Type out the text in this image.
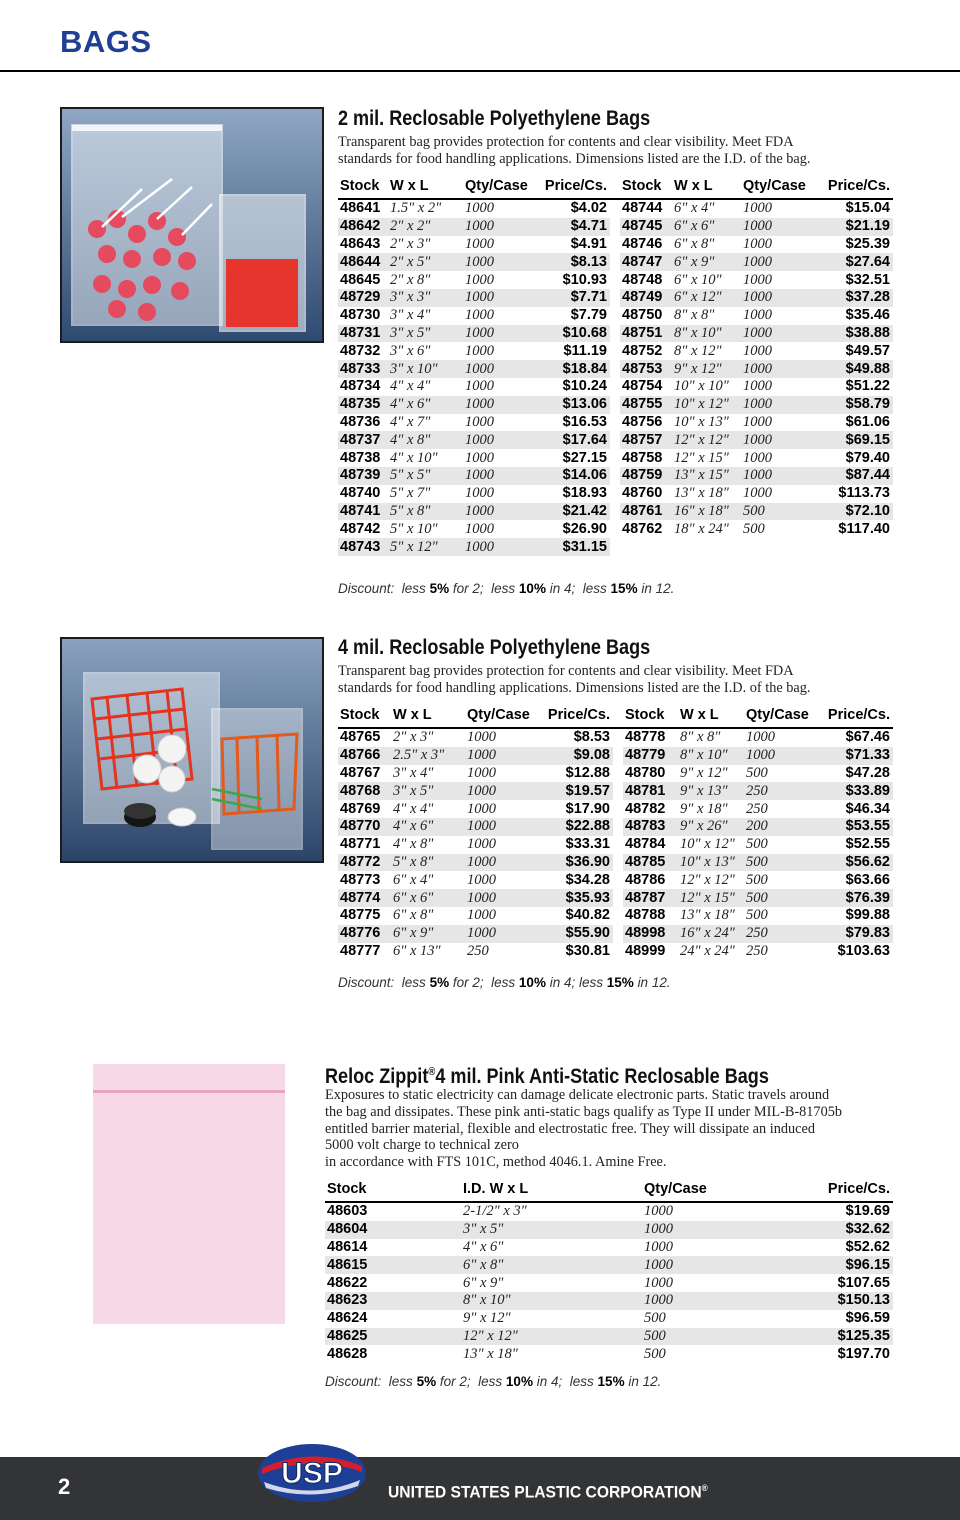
BAGS
2 mil. Reclosable Polyethylene Bags

Transparent bag provides protection for contents and clear visibility. Meet FDA
standards for food handling applications. Dimensions listed are the I.D. of the bag.

Stock	W x L	Qty/Case	Price/Cs.		Stock	W x L	Qty/Case	Price/Cs.
48641	1.5" x 2"	1000	$4.02		48744	6" x 4"	1000	$15.04
48642	2" x 2"	1000	$4.71		48745	6" x 6"	1000	$21.19
48643	2" x 3"	1000	$4.91		48746	6" x 8"	1000	$25.39
48644	2" x 5"	1000	$8.13		48747	6" x 9"	1000	$27.64
48645	2" x 8"	1000	$10.93		48748	6" x 10"	1000	$32.51
48729	3" x 3"	1000	$7.71		48749	6" x 12"	1000	$37.28
48730	3" x 4"	1000	$7.79		48750	8" x 8"	1000	$35.46
48731	3" x 5"	1000	$10.68		48751	8" x 10"	1000	$38.88
48732	3" x 6"	1000	$11.19		48752	8" x 12"	1000	$49.57
48733	3" x 10"	1000	$18.84		48753	9" x 12"	1000	$49.88
48734	4" x 4"	1000	$10.24		48754	10" x 10"	1000	$51.22
48735	4" x 6"	1000	$13.06		48755	10" x 12"	1000	$58.79
48736	4" x 7"	1000	$16.53		48756	10" x 13"	1000	$61.06
48737	4" x 8"	1000	$17.64		48757	12" x 12"	1000	$69.15
48738	4" x 10"	1000	$27.15		48758	12" x 15"	1000	$79.40
48739	5" x 5"	1000	$14.06		48759	13" x 15"	1000	$87.44
48740	5" x 7"	1000	$18.93		48760	13" x 18"	1000	$113.73
48741	5" x 8"	1000	$21.42		48761	16" x 18"	500	$72.10
48742	5" x 10"	1000	$26.90		48762	18" x 24"	500	$117.40
48743	5" x 12"	1000	$31.15					

Discount: less 5% for 2; less 10% in 4; less 15% in 12.

4 mil. Reclosable Polyethylene Bags

Transparent bag provides protection for contents and clear visibility. Meet FDA
standards for food handling applications. Dimensions listed are the I.D. of the bag.

Stock	W x L	Qty/Case	Price/Cs.		Stock	W x L	Qty/Case	Price/Cs.
48765	2" x 3"	1000	$8.53		48778	8" x 8"	1000	$67.46
48766	2.5" x 3"	1000	$9.08		48779	8" x 10"	1000	$71.33
48767	3" x 4"	1000	$12.88		48780	9" x 12"	500	$47.28
48768	3" x 5"	1000	$19.57		48781	9" x 13"	250	$33.89
48769	4" x 4"	1000	$17.90		48782	9" x 18"	250	$46.34
48770	4" x 6"	1000	$22.88		48783	9" x 26"	200	$53.55
48771	4" x 8"	1000	$33.31		48784	10" x 12"	500	$52.55
48772	5" x 8"	1000	$36.90		48785	10" x 13"	500	$56.62
48773	6" x 4"	1000	$34.28		48786	12" x 12"	500	$63.66
48774	6" x 6"	1000	$35.93		48787	12" x 15"	500	$76.39
48775	6" x 8"	1000	$40.82		48788	13" x 18"	500	$99.88
48776	6" x 9"	1000	$55.90		48998	16" x 24"	250	$79.83
48777	6" x 13"	250	$30.81		48999	24" x 24"	250	$103.63

Discount: less 5% for 2; less 10% in 4; less 15% in 12.

Reloc Zippit®4 mil. Pink Anti-Static Reclosable Bags

Exposures to static electricity can damage delicate electronic parts. Static travels around
the bag and dissipates. These pink anti-static bags qualify as Type II under MIL-B-81705b
entitled barrier material, flexible and electrostatic free. They will dissipate an induced
5000 volt charge to technical zero
in accordance with FTS 101C, method 4046.1. Amine Free.

Stock	I.D. W x L	Qty/Case	Price/Cs.
48603	2-1/2" x 3"	1000	$19.69
48604	3" x 5"	1000	$32.62
48614	4" x 6"	1000	$52.62
48615	6" x 8"	1000	$96.15
48622	6" x 9"	1000	$107.65
48623	8" x 10"	1000	$150.13
48624	9" x 12"	500	$96.59
48625	12" x 12"	500	$125.35
48628	13" x 18"	500	$197.70

Discount: less 5% for 2; less 10% in 4; less 15% in 12.

2	UNITED STATES PLASTIC CORPORATION®
USP
